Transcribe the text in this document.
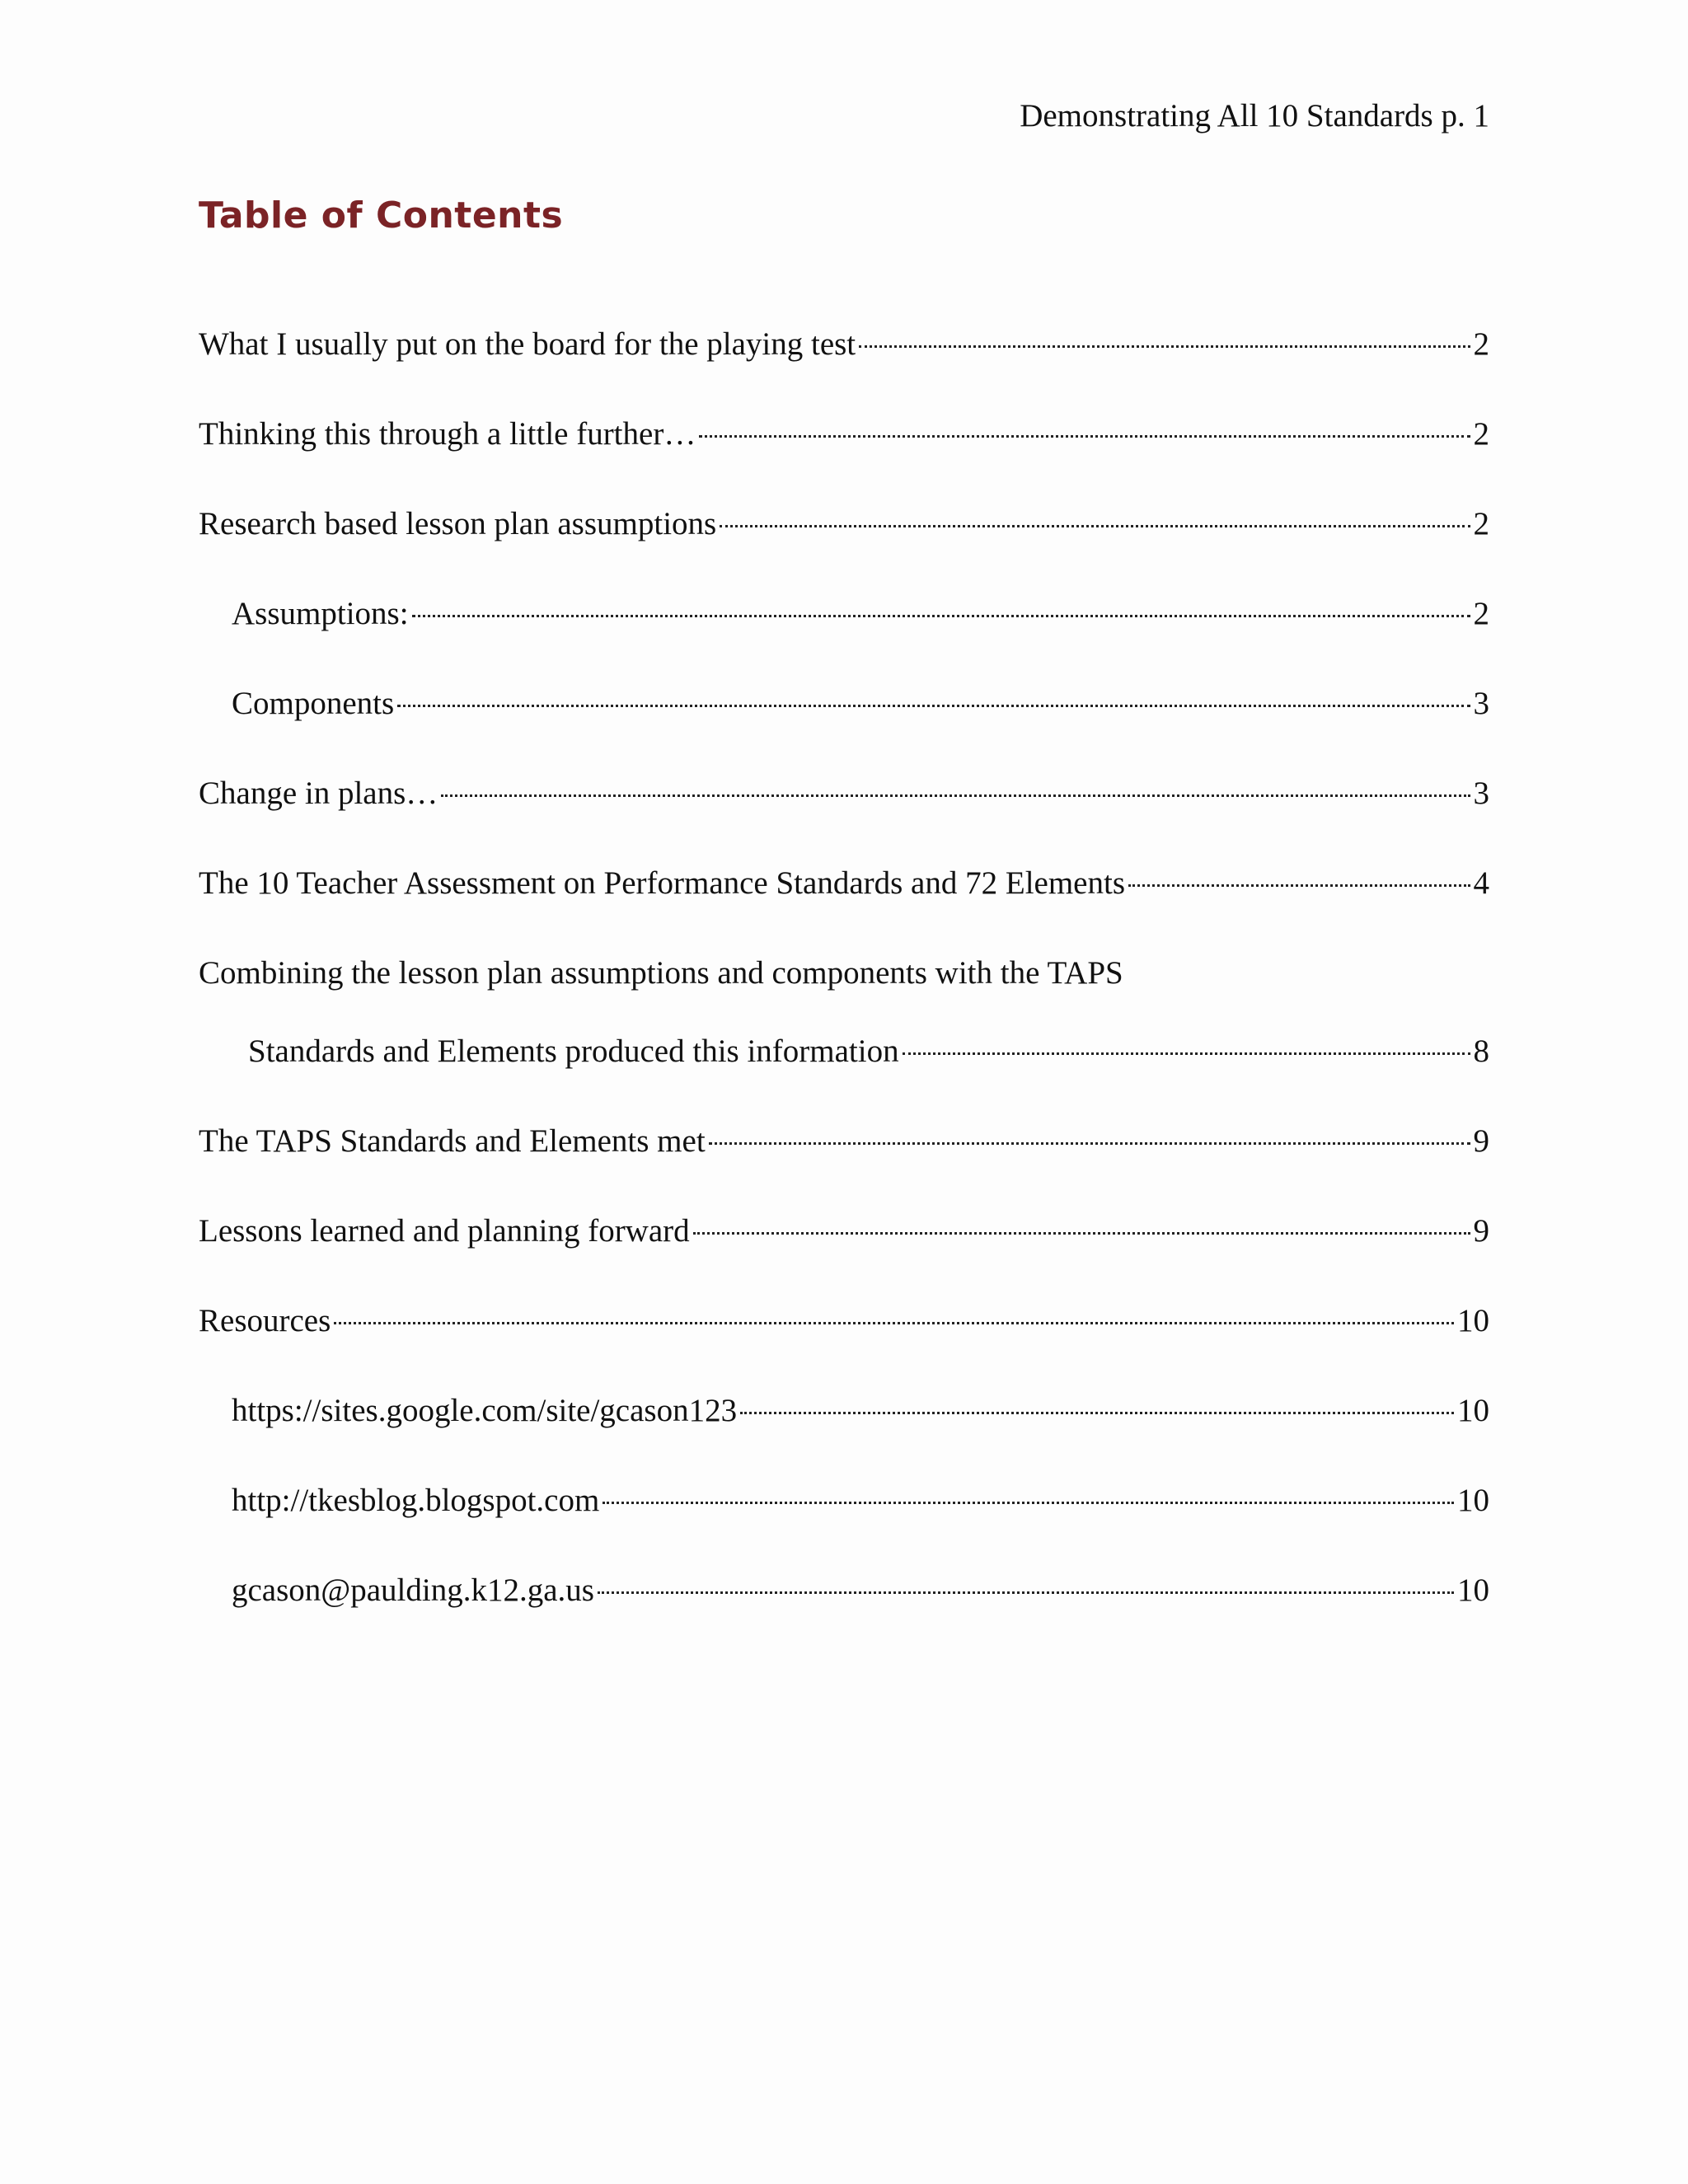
Demonstrating All 10 Standards p. 1
Table of Contents
What I usually put on the board for the playing test	2
Thinking this through a little further…	2
Research based lesson plan assumptions	2
Assumptions:	2
Components	3
Change in plans…	3
The 10 Teacher Assessment on Performance Standards and 72 Elements	4
Combining the lesson plan assumptions and components with the TAPS
Standards and Elements produced this information	8
The TAPS Standards and Elements met	9
Lessons learned and planning forward	9
Resources	10
https://sites.google.com/site/gcason123	10
http://tkesblog.blogspot.com	10
gcason@paulding.k12.ga.us	10
